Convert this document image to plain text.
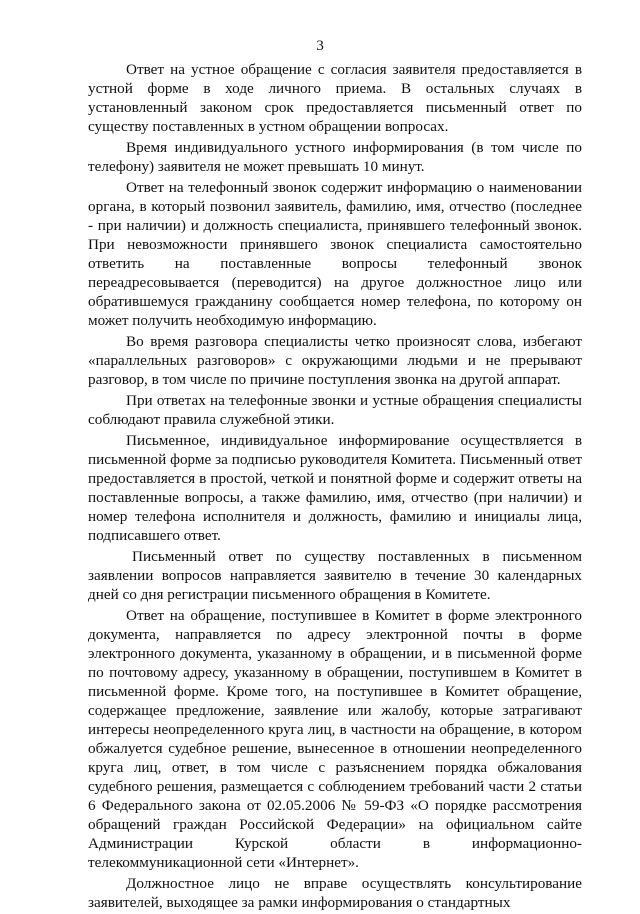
3

Ответ на устное обращение с согласия заявителя предоставляется в устной форме в ходе личного приема. В остальных случаях в установленный законом срок предоставляется письменный ответ по существу поставленных в устном обращении вопросах.

Время индивидуального устного информирования (в том числе по телефону) заявителя не может превышать 10 минут.

Ответ на телефонный звонок содержит информацию о наименовании органа, в который позвонил заявитель, фамилию, имя, отчество (последнее - при наличии) и должность специалиста, принявшего телефонный звонок. При невозможности принявшего звонок специалиста самостоятельно ответить на поставленные вопросы телефонный звонок переадресовывается (переводится) на другое должностное лицо или обратившемуся гражданину сообщается номер телефона, по которому он может получить необходимую информацию.

Во время разговора специалисты четко произносят слова, избегают «параллельных разговоров» с окружающими людьми и не прерывают разговор, в том числе по причине поступления звонка на другой аппарат.

При ответах на телефонные звонки и устные обращения специалисты соблюдают правила служебной этики.

Письменное, индивидуальное информирование осуществляется в письменной форме за подписью руководителя Комитета. Письменный ответ предоставляется в простой, четкой и понятной форме и содержит ответы на поставленные вопросы, а также фамилию, имя, отчество (при наличии) и номер телефона исполнителя и должность, фамилию и инициалы лица, подписавшего ответ.

Письменный ответ по существу поставленных в письменном заявлении вопросов направляется заявителю в течение 30 календарных дней со дня регистрации письменного обращения в Комитете.

Ответ на обращение, поступившее в Комитет в форме электронного документа, направляется по адресу электронной почты в форме электронного документа, указанному в обращении, и в письменной форме по почтовому адресу, указанному в обращении, поступившем в Комитет в письменной форме. Кроме того, на поступившее в Комитет обращение, содержащее предложение, заявление или жалобу, которые затрагивают интересы неопределенного круга лиц, в частности на обращение, в котором обжалуется судебное решение, вынесенное в отношении неопределенного круга лиц, ответ, в том числе с разъяснением порядка обжалования судебного решения, размещается с соблюдением требований части 2 статьи 6 Федерального закона от 02.05.2006 № 59-ФЗ «О порядке рассмотрения обращений граждан Российской Федерации» на официальном сайте Администрации Курской области в информационно-телекоммуникационной сети «Интернет».

Должностное лицо не вправе осуществлять консультирование заявителей, выходящее за рамки информирования о стандартных
